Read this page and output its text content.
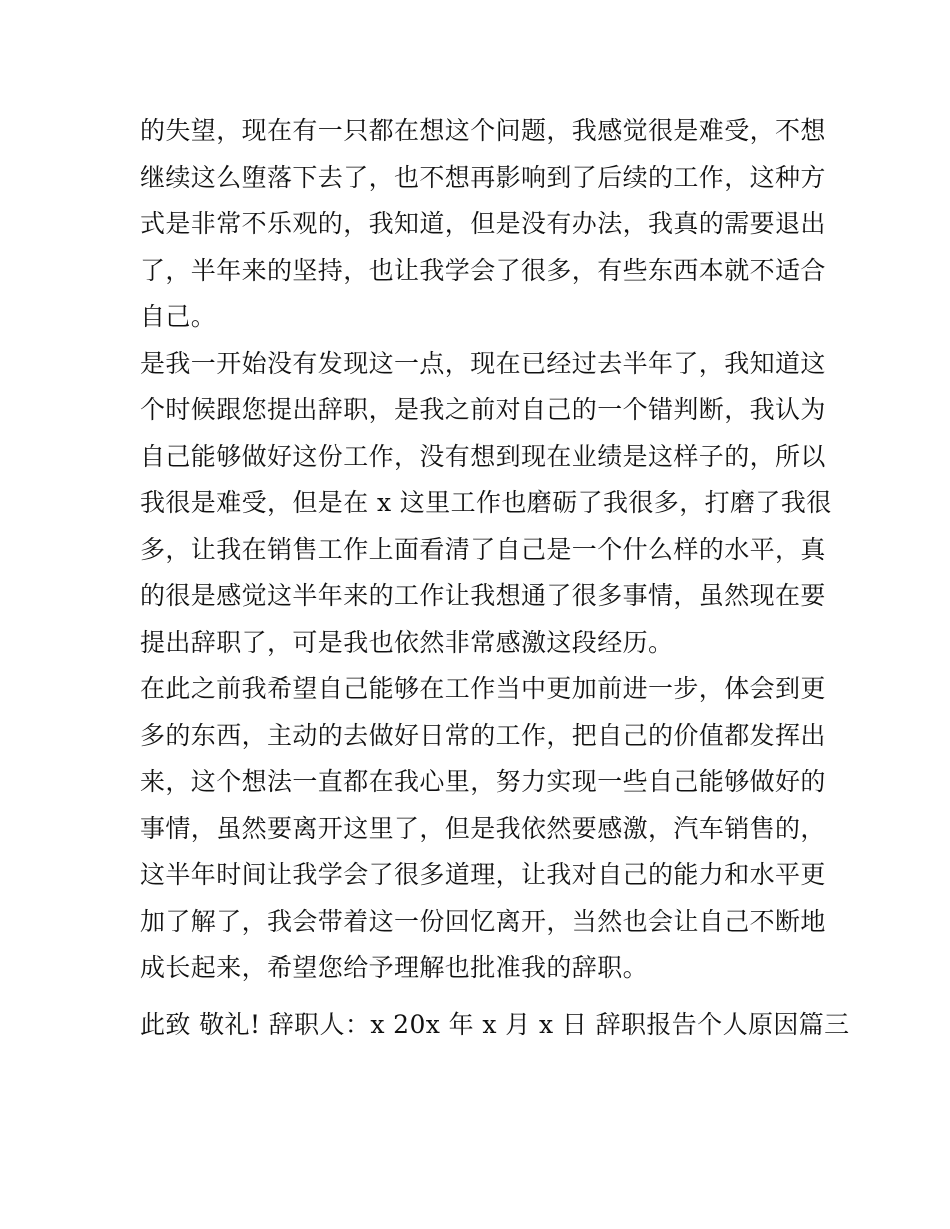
的失望，现在有一只都在想这个问题，我感觉很是难受，不想
继续这么堕落下去了，也不想再影响到了后续的工作，这种方
式是非常不乐观的，我知道，但是没有办法，我真的需要退出
了，半年来的坚持，也让我学会了很多，有些东西本就不适合
自己。
是我一开始没有发现这一点，现在已经过去半年了，我知道这
个时候跟您提出辞职，是我之前对自己的一个错判断，我认为
自己能够做好这份工作，没有想到现在业绩是这样子的，所以
我很是难受，但是在 x 这里工作也磨砺了我很多，打磨了我很
多，让我在销售工作上面看清了自己是一个什么样的水平，真
的很是感觉这半年来的工作让我想通了很多事情，虽然现在要
提出辞职了，可是我也依然非常感激这段经历。
在此之前我希望自己能够在工作当中更加前进一步，体会到更
多的东西，主动的去做好日常的工作，把自己的价值都发挥出
来，这个想法一直都在我心里，努力实现一些自己能够做好的
事情，虽然要离开这里了，但是我依然要感激，汽车销售的，
这半年时间让我学会了很多道理，让我对自己的能力和水平更
加了解了，我会带着这一份回忆离开，当然也会让自己不断地
成长起来，希望您给予理解也批准我的辞职。
此致 敬礼! 辞职人：x 20x 年 x 月 x 日 辞职报告个人原因篇三
